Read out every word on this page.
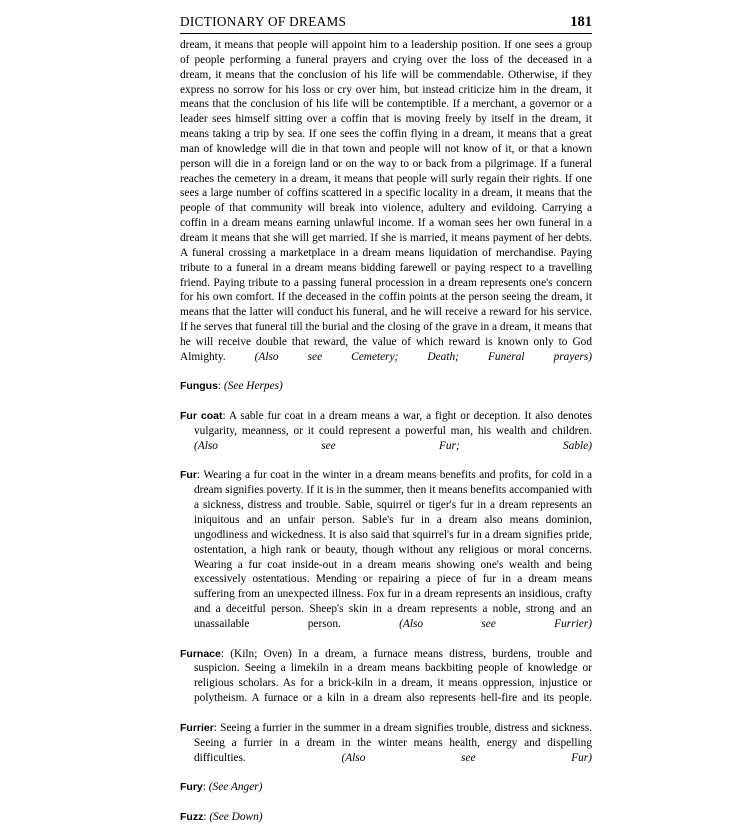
DICTIONARY OF DREAMS	181

dream, it means that people will appoint him to a leadership position. If one sees a group of people performing a funeral prayers and crying over the loss of the deceased in a dream, it means that the conclusion of his life will be commendable. Otherwise, if they express no sorrow for his loss or cry over him, but instead criticize him in the dream, it means that the conclusion of his life will be contemptible. If a merchant, a governor or a leader sees himself sitting over a coffin that is moving freely by itself in the dream, it means taking a trip by sea. If one sees the coffin flying in a dream, it means that a great man of knowledge will die in that town and people will not know of it, or that a known person will die in a foreign land or on the way to or back from a pilgrimage. If a funeral reaches the cemetery in a dream, it means that people will surly regain their rights. If one sees a large number of coffins scattered in a specific locality in a dream, it means that the people of that community will break into violence, adultery and evildoing. Carrying a coffin in a dream means earning unlawful income. If a woman sees her own funeral in a dream it means that she will get married. If she is married, it means payment of her debts. A funeral crossing a marketplace in a dream means liquidation of merchandise. Paying tribute to a funeral in a dream means bidding farewell or paying respect to a travelling friend. Paying tribute to a passing funeral procession in a dream represents one's concern for his own comfort. If the deceased in the coffin points at the person seeing the dream, it means that the latter will conduct his funeral, and he will receive a reward for his service. If he serves that funeral till the burial and the closing of the grave in a dream, it means that he will receive double that reward, the value of which reward is known only to God Almighty. (Also see Cemetery; Death; Funeral prayers)

Fungus: (See Herpes)

Fur coat: A sable fur coat in a dream means a war, a fight or deception. It also denotes vulgarity, meanness, or it could represent a powerful man, his wealth and children. (Also see Fur; Sable)

Fur: Wearing a fur coat in the winter in a dream means benefits and profits, for cold in a dream signifies poverty. If it is in the summer, then it means benefits accompanied with a sickness, distress and trouble. Sable, squirrel or tiger's fur in a dream represents an iniquitous and an unfair person. Sable's fur in a dream also means dominion, ungodliness and wickedness. It is also said that squirrel's fur in a dream signifies pride, ostentation, a high rank or beauty, though without any religious or moral concerns. Wearing a fur coat inside-out in a dream means showing one's wealth and being excessively ostentatious. Mending or repairing a piece of fur in a dream means suffering from an unexpected illness. Fox fur in a dream represents an insidious, crafty and a deceitful person. Sheep's skin in a dream represents a noble, strong and an unassailable person. (Also see Furrier)

Furnace: (Kiln; Oven) In a dream, a furnace means distress, burdens, trouble and suspicion. Seeing a limekiln in a dream means backbiting people of knowledge or religious scholars. As for a brick-kiln in a dream, it means oppression, injustice or polytheism. A furnace or a kiln in a dream also represents hell-fire and its people.

Furrier: Seeing a furrier in the summer in a dream signifies trouble, distress and sickness. Seeing a furrier in a dream in the winter means health, energy and dispelling difficulties. (Also see Fur)

Fury: (See Anger)

Fuzz: (See Down)
